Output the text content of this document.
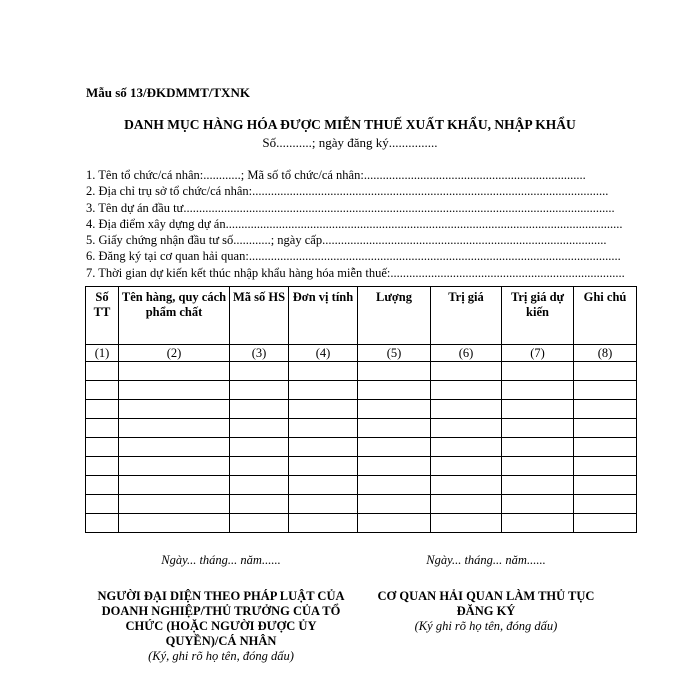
Mẫu số 13/ĐKDMMT/TXNK
DANH MỤC HÀNG HÓA ĐƯỢC MIỄN THUẾ XUẤT KHẨU, NHẬP KHẨU
Số...........; ngày đăng ký...............
1. Tên tổ chức/cá nhân:............; Mã số tổ chức/cá nhân:.......................................................................
2. Địa chỉ trụ sở tổ chức/cá nhân:..................................................................................................................
3. Tên dự án đầu tư..........................................................................................................................................
4. Địa điểm xây dựng dự án...............................................................................................................................
5. Giấy chứng nhận đầu tư số............; ngày cấp...........................................................................................
6. Đăng ký tại cơ quan hải quan:.......................................................................................................................
7. Thời gian dự kiến kết thúc nhập khẩu hàng hóa miễn thuế:...........................................................................
Số TT	Tên hàng, quy cách phẩm chất	Mã số HS	Đơn vị tính	Lượng	Trị giá	Trị giá dự kiến	Ghi chú
(1)	(2)	(3)	(4)	(5)	(6)	(7)	(8)

Ngày... tháng... năm......
NGƯỜI ĐẠI DIỆN THEO PHÁP LUẬT CỦA DOANH NGHIỆP/THỦ TRƯỞNG CỦA TỔ CHỨC (HOẶC NGƯỜI ĐƯỢC ỦY QUYỀN)/CÁ NHÂN
(Ký, ghi rõ họ tên, đóng dấu)
Ngày... tháng... năm......
CƠ QUAN HẢI QUAN LÀM THỦ TỤC ĐĂNG KÝ
(Ký ghi rõ họ tên, đóng dấu)
